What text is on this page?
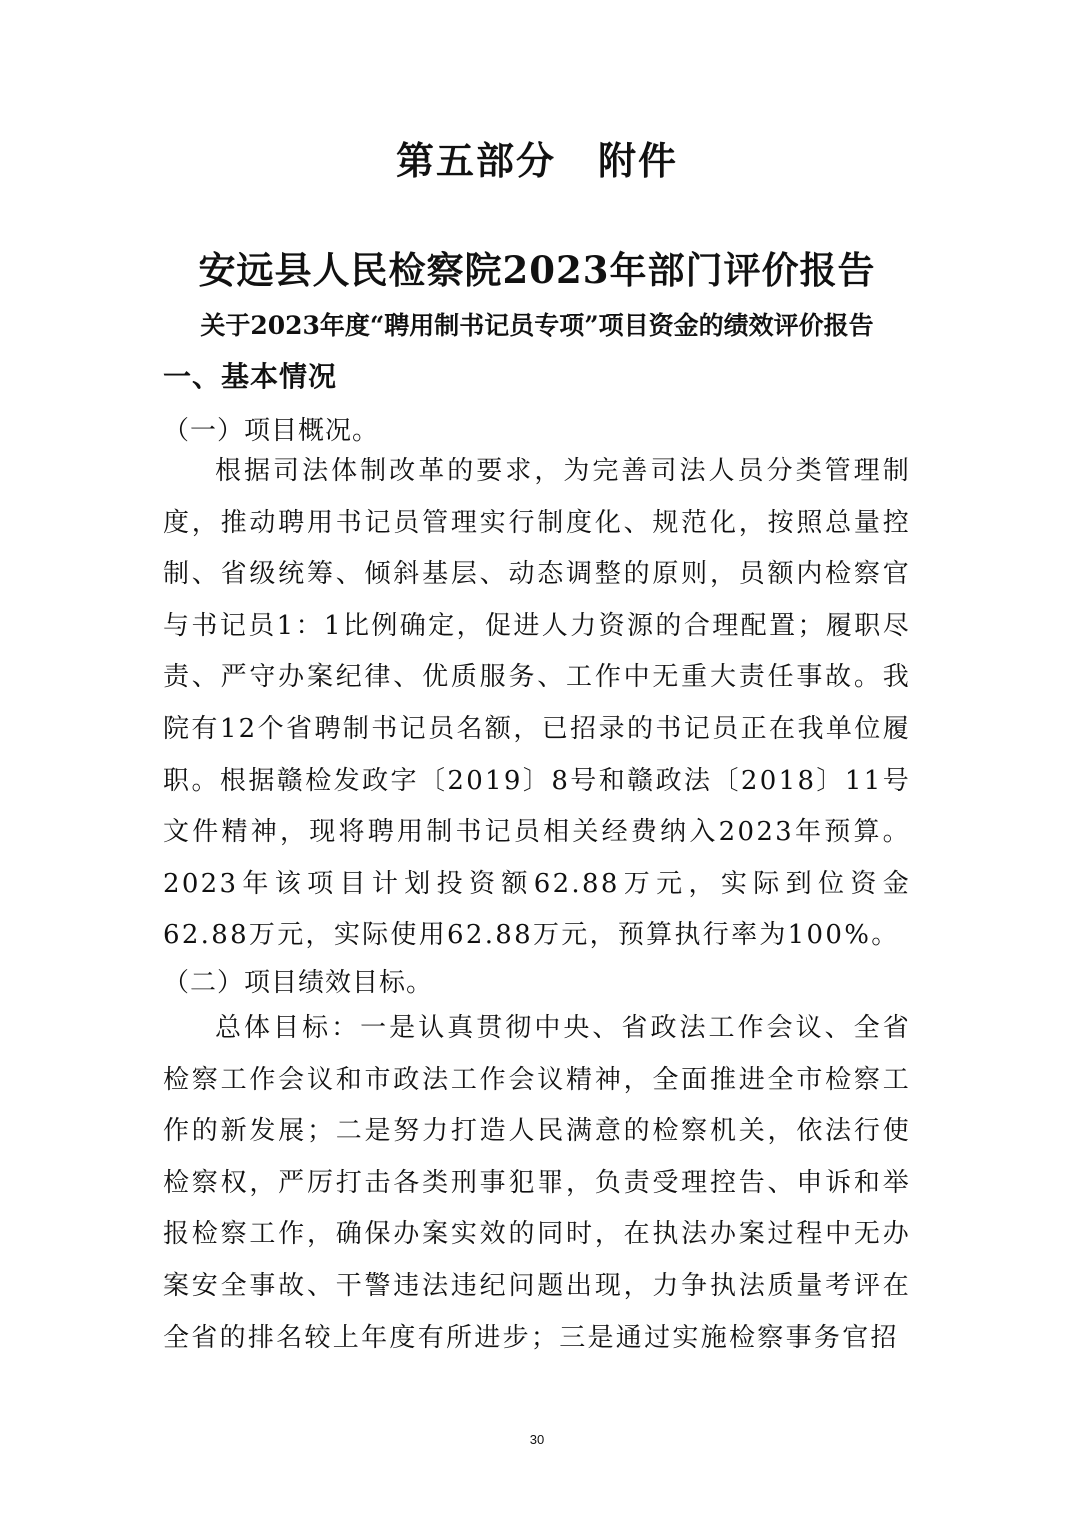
第五部分 附件
安远县人民检察院2023年部门评价报告
关于2023年度“聘用制书记员专项”项目资金的绩效评价报告
一、基本情况
（一）项目概况。

根据司法体制改革的要求，为完善司法人员分类管理制度，推动聘用书记员管理实行制度化、规范化，按照总量控制、省级统筹、倾斜基层、动态调整的原则，员额内检察官与书记员1：1比例确定，促进人力资源的合理配置；履职尽责、严守办案纪律、优质服务、工作中无重大责任事故。我院有12个省聘制书记员名额，已招录的书记员正在我单位履职。根据赣检发政字〔2019〕8号和赣政法〔2018〕11号文件精神，现将聘用制书记员相关经费纳入2023年预算。2023年该项目计划投资额62.88万元，实际到位资金62.88万元，实际使用62.88万元，预算执行率为100%。

（二）项目绩效目标。

总体目标：一是认真贯彻中央、省政法工作会议、全省检察工作会议和市政法工作会议精神，全面推进全市检察工作的新发展；二是努力打造人民满意的检察机关，依法行使检察权，严厉打击各类刑事犯罪，负责受理控告、申诉和举报检察工作，确保办案实效的同时，在执法办案过程中无办案安全事故、干警违法违纪问题出现，力争执法质量考评在全省的排名较上年度有所进步；三是通过实施检察事务官招

30
